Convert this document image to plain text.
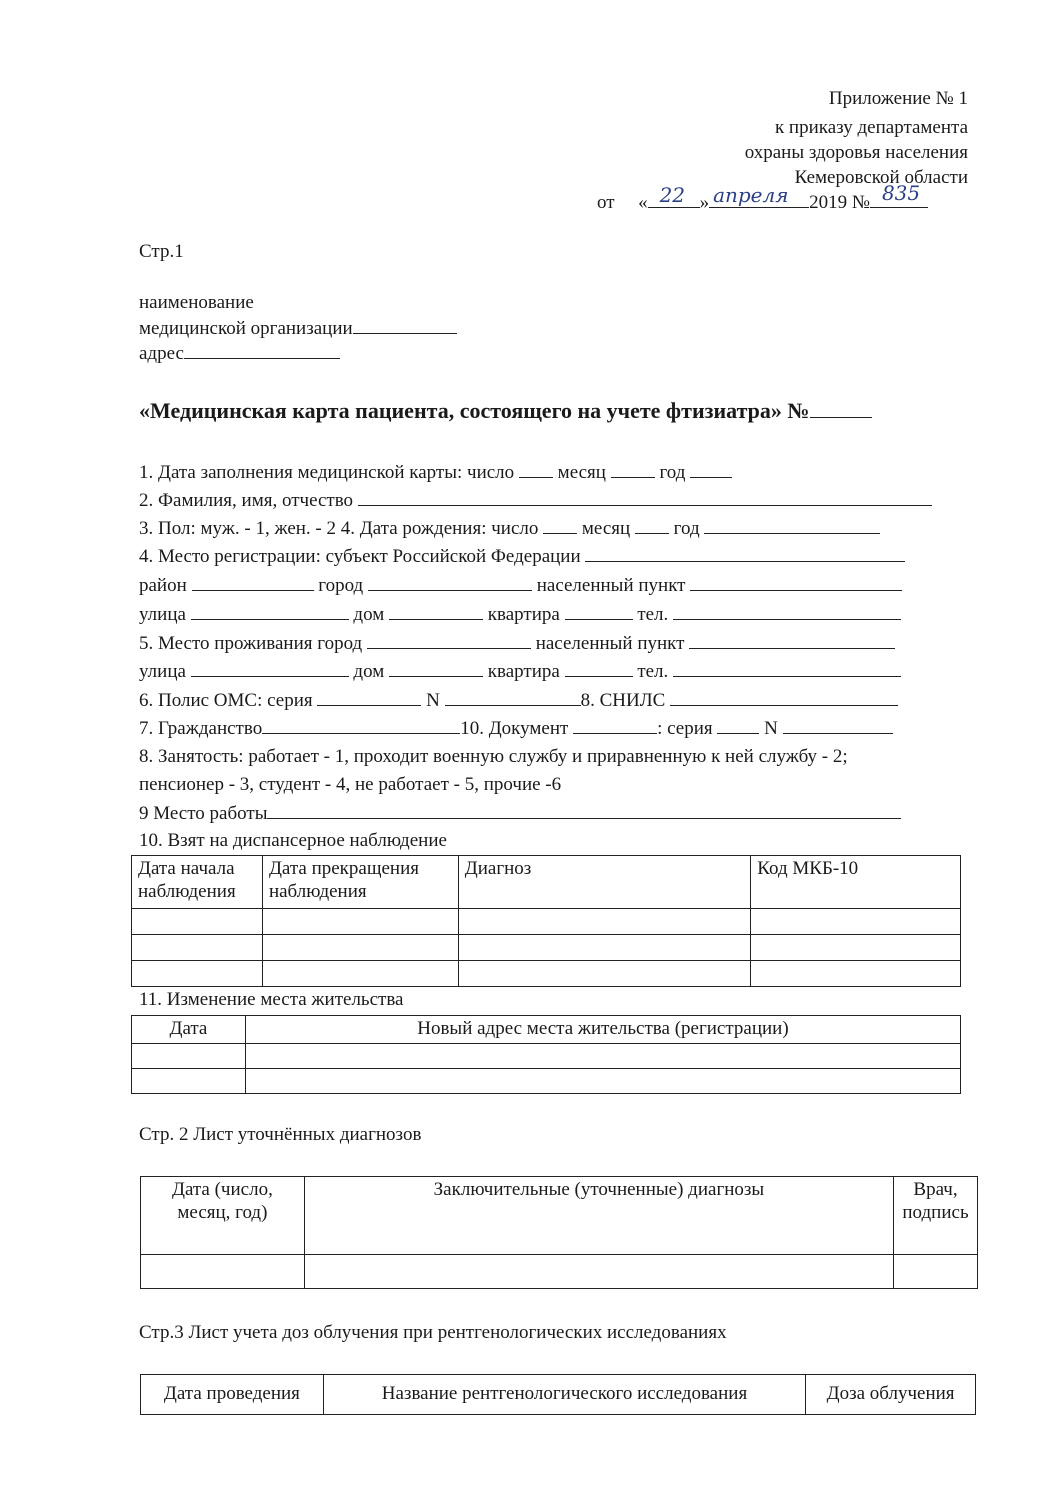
Приложение № 1
к приказу департамента
охраны здоровья населения
Кемеровской области
от « 22 » апреля 2019 № 835
Стр.1
наименование
медицинской организации
адрес
«Медицинская карта пациента, состоящего на учете фтизиатра» №
1. Дата заполнения медицинской карты: число месяц	год
2. Фамилия, имя, отчество
3. Пол: муж. - 1, жен. - 2 4. Дата рождения: число месяц год
4. Место регистрации: субъект Российской Федерации
район	город	населенный пункт
улица	дом	квартира	тел.
5. Место проживания город	населенный пункт
улица	дом	квартира	тел.
6. Полис ОМС: серия	N	8. СНИЛС
7. Гражданство	10. Документ	: серия	N
8. Занятость: работает - 1, проходит военную службу и приравненную к ней службу - 2;
пенсионер - 3, студент - 4, не работает - 5, прочие -6
9 Место работы
10. Взят на диспансерное наблюдение
Дата начала наблюдения	Дата прекращения наблюдения	Диагноз	Код МКБ-10

11. Изменение места жительства
Дата	Новый адрес места жительства (регистрации)

Стр. 2 Лист уточнённых диагнозов
Дата (число, месяц, год)	Заключительные (уточненные) диагнозы	Врач, подпись

Стр.3 Лист учета доз облучения при рентгенологических исследованиях
Дата проведения	Название рентгенологического исследования	Доза облучения
